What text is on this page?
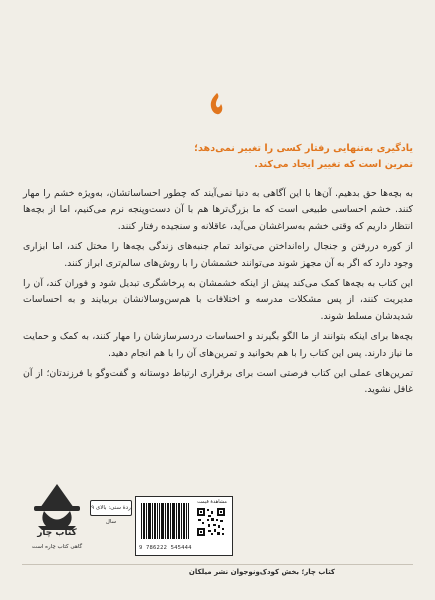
یادگیری به‌تنهایی رفتار کسی را تغییر نمی‌دهد؛
تمرین است که تغییر ایجاد می‌کند.

به بچه‌ها حق بدهیم. آن‌ها با این آگاهی به دنیا نمی‌آیند که چطور احساساتشان، به‌ویژه خشم را مهار کنند. خشم احساسی طبیعی است که ما بزرگ‌ترها هم با آن دست‌وپنجه نرم می‌کنیم، اما از بچه‌ها انتظار داریم که وقتی خشم به‌سراغشان می‌آید، عاقلانه و سنجیده رفتار کنند.

از کوره دررفتن و جنجال راه‌انداختن می‌تواند تمام جنبه‌های زندگی بچه‌ها را مختل کند، اما ابزاری وجود دارد که اگر به آن مجهز شوند می‌توانند خشمشان را با روش‌های سالم‌تری ابراز کنند.

این کتاب به بچه‌ها کمک می‌کند پیش از اینکه خشمشان به پرخاشگری تبدیل شود و فوران کند، آن را مدیریت کنند، از پس مشکلات مدرسه و اختلافات با هم‌سن‌وسالانشان بربیایند و به احساسات شدیدشان مسلط شوند.

بچه‌ها برای اینکه بتوانند از ما الگو بگیرند و احساسات دردسرسازشان را مهار کنند، به کمک و حمایت ما نیاز دارند. پس این کتاب را با هم بخوانید و تمرین‌های آن را با هم انجام دهید.

تمرین‌های عملی این کتاب فرصتی است برای برقراری ارتباط دوستانه و گفت‌وگو با فرزندتان؛ از آن غافل نشوید.

کتاب چار
گاهی کتاب چاره است
ردهٔ سنی: بالای ۹ سال
مشاهدهٔ قیمت
9 786222 545444
کتاب چار؛ بخش کودک‌ونوجوان نشر میلکان
